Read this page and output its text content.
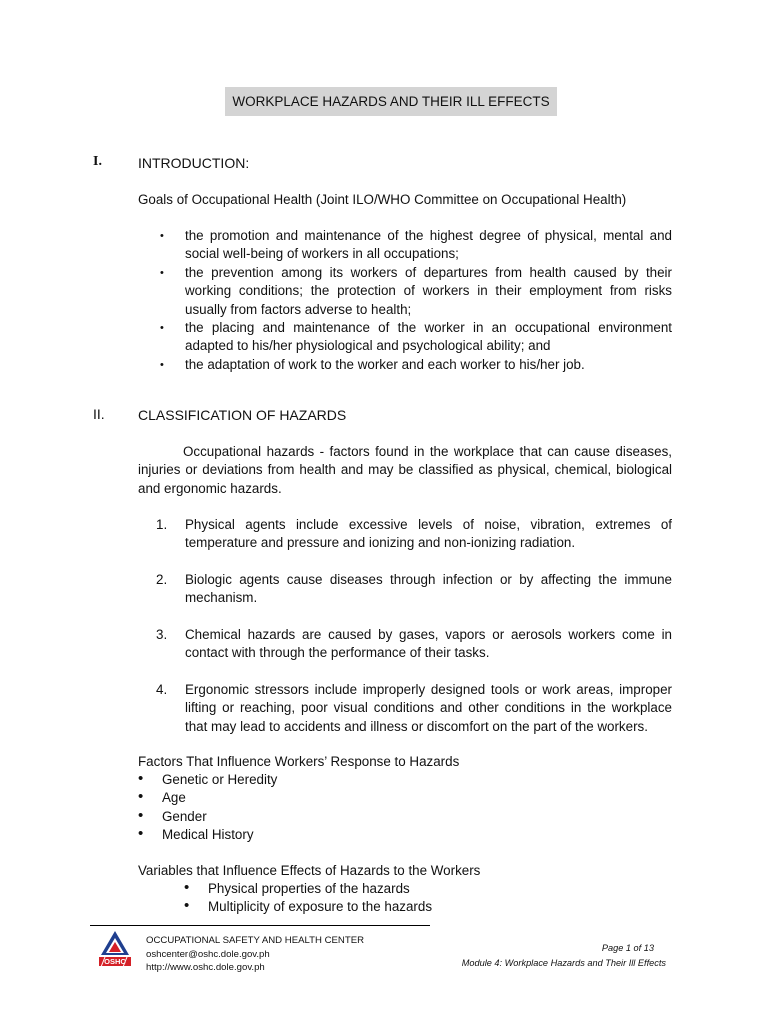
WORKPLACE HAZARDS AND THEIR ILL EFFECTS
I.	INTRODUCTION:
Goals of Occupational Health (Joint ILO/WHO Committee on Occupational Health)
• the promotion and maintenance of the highest degree of physical, mental and social well-being of workers in all occupations;
• the prevention among its workers of departures from health caused by their working conditions; the protection of workers in their employment from risks usually from factors adverse to health;
• the placing and maintenance of the worker in an occupational environment adapted to his/her physiological and psychological ability; and
• the adaptation of work to the worker and each worker to his/her job.
II. CLASSIFICATION OF HAZARDS
Occupational hazards - factors found in the workplace that can cause diseases, injuries or deviations from health and may be classified as physical, chemical, biological and ergonomic hazards.
1. Physical agents include excessive levels of noise, vibration, extremes of temperature and pressure and ionizing and non-ionizing radiation.
2. Biologic agents cause diseases through infection or by affecting the immune mechanism.
3. Chemical hazards are caused by gases, vapors or aerosols workers come in contact with through the performance of their tasks.
4. Ergonomic stressors include improperly designed tools or work areas, improper lifting or reaching, poor visual conditions and other conditions in the workplace that may lead to accidents and illness or discomfort on the part of the workers.
Factors That Influence Workers’ Response to Hazards
• Genetic or Heredity
• Age
• Gender
• Medical History
Variables that Influence Effects of Hazards to the Workers
• Physical properties of the hazards
• Multiplicity of exposure to the hazards
OSHC
OCCUPATIONAL SAFETY AND HEALTH CENTER
oshcenter@oshc.dole.gov.ph
http://www.oshc.dole.gov.ph
Page 1 of 13
Module 4: Workplace Hazards and Their Ill Effects
